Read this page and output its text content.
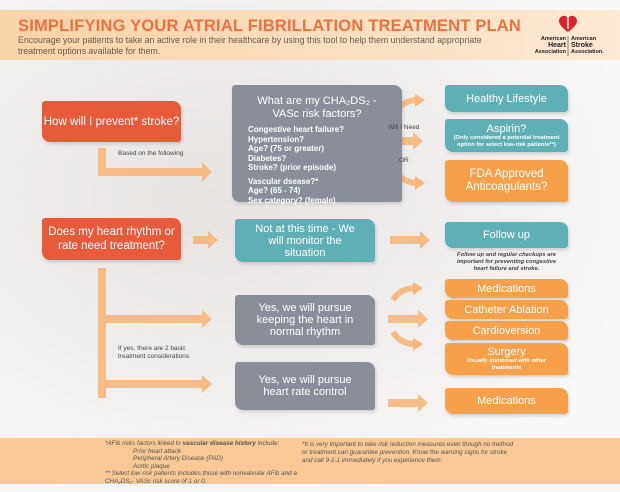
SIMPLIFYING YOUR ATRIAL FIBRILLATION TREATMENT PLAN
Encourage your patients to take an active role in their healthcare by using this tool to help them understand appropriate treatment options available for them.
American
Heart
Association
American
Stroke
Association.
How will I prevent* stroke?
Based on the following
What are my CHA₂DS₂ - VASc risk factors?
Congestive heart failure?
Hypertension?
Age? (75 or greater)
Diabetes?
Stroke? (prior episode)
Vascular dsease?*
Age? (65 - 74)
Sex category? (female)
Will I Need
OR
Healthy Lifestyle
Aspirin?
(Only considered a potential treatment option for select low-risk patients**)
FDA Approved Anticoagulants?
Does my heart rhythm or rate need treatment?
Not at this time - We will monitor the situation
Follow up
Follow up and regular checkups are important for preventing congestive heart failure and stroke.
If yes, there are 2 basic treatment considerations
Yes, we will pursue keeping the heart in normal rhythm
Yes, we will pursue heart rate control
Medications
Catheter Ablation
Cardioversion
Surgery
Usually combined with other treatments
Medications
*AFib risks factors linked to vascular disease history include:
Prior heart attack
Peripheral Artery Disease (PAD)
Aortic plaque
** Select low-risk patients includes those with nonvalvular AFib and a CHA₂DS₂- VASc risk score of 1 or 0.
*It is very important to take risk reduction measures even though no method or treatment can guarantee prevention. Know the warning signs for stroke and call 9-1-1 immediately if you experience them.
